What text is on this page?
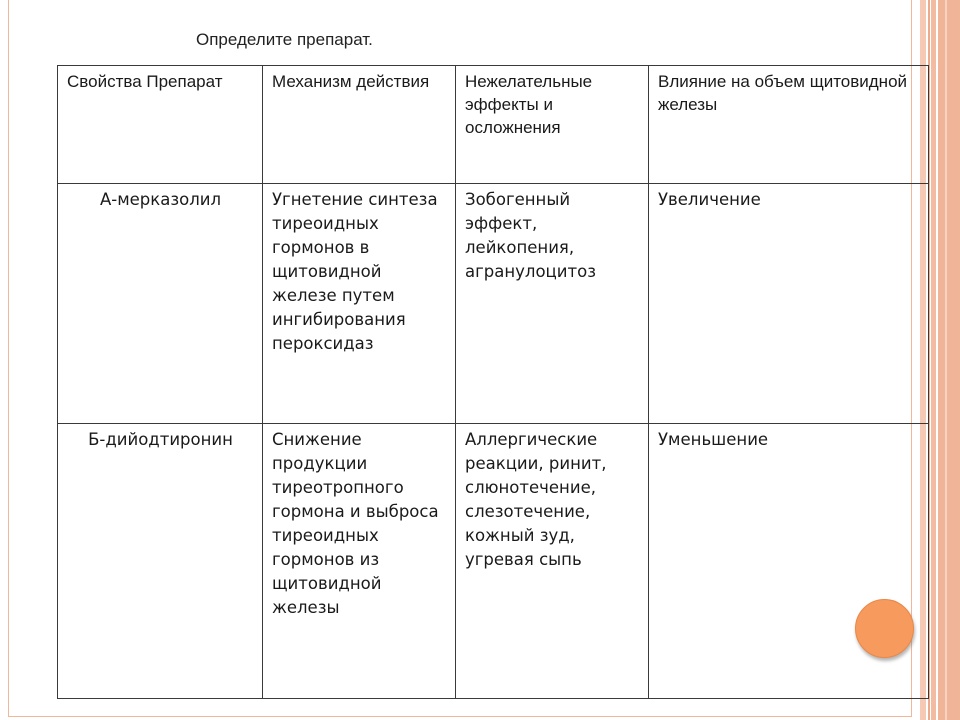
Определите препарат.
Свойства Препарат	Механизм действия	Нежелательные эффекты и осложнения	Влияние на объем щитовидной железы
А-мерказолил	Угнетение синтеза тиреоидных гормонов в щитовидной железе путем ингибирования пероксидаз	Зобогенный эффект, лейкопения, агранулоцитоз	Увеличение
Б-дийодтиронин	Снижение продукции тиреотропного гормона и выброса тиреоидных гормонов из щитовидной железы	Аллергические реакции, ринит, слюнотечение, слезотечение, кожный зуд, угревая сыпь	Уменьшение
